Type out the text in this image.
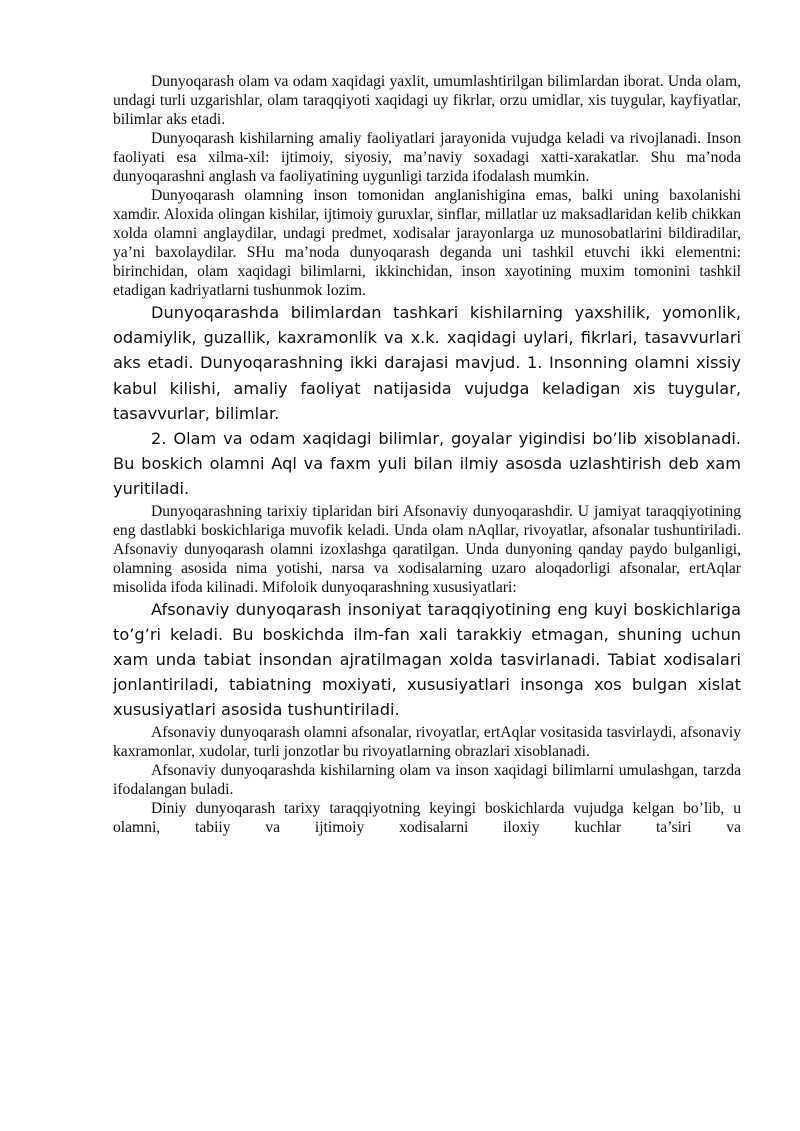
Dunyoqarash olam va odam xaqidagi yaxlit, umumlashtirilgan bilimlardan iborat. Unda olam, undagi turli uzgarishlar, olam taraqqiyoti xaqidagi uy fikrlar, orzu umidlar, xis tuygular, kayfiyatlar, bilimlar aks etadi.

Dunyoqarash kishilarning amaliy faoliyatlari jarayonida vujudga keladi va rivojlanadi. Inson faoliyati esa xilma-xil: ijtimoiy, siyosiy, ma’naviy soxadagi xatti-xarakatlar. Shu ma’noda dunyoqarashni anglash va faoliyatining uygunligi tarzida ifodalash mumkin.

Dunyoqarash olamning inson tomonidan anglanishigina emas, balki uning baxolanishi xamdir. Aloxida olingan kishilar, ijtimoiy guruxlar, sinflar, millatlar uz maksadlaridan kelib chikkan xolda olamni anglaydilar, undagi predmet, xodisalar jarayonlarga uz munosobatlarini bildiradilar, ya’ni baxolaydilar. SHu ma’noda dunyoqarash deganda uni tashkil etuvchi ikki elementni: birinchidan, olam xaqidagi bilimlarni, ikkinchidan, inson xayotining muxim tomonini tashkil etadigan kadriyatlarni tushunmok lozim.

Dunyoqarashda bilimlardan tashkari kishilarning yaxshilik, yomonlik, odamiylik, guzallik, kaxramonlik va x.k. xaqidagi uylari, fikrlari, tasavvurlari aks etadi. Dunyoqarashning ikki darajasi mavjud. 1. Insonning olamni xissiy kabul kilishi, amaliy faoliyat natijasida vujudga keladigan xis tuygular, tasavvurlar, bilimlar.

2. Olam va odam xaqidagi bilimlar, goyalar yigindisi bo’lib xisoblanadi. Bu boskich olamni Aql va faxm yuli bilan ilmiy asosda uzlashtirish deb xam yuritiladi.

Dunyoqarashning tarixiy tiplaridan biri Afsonaviy dunyoqarashdir. U jamiyat taraqqiyotining eng dastlabki boskichlariga muvofik keladi. Unda olam nAqllar, rivoyatlar, afsonalar tushuntiriladi. Afsonaviy dunyoqarash olamni izoxlashga qaratilgan. Unda dunyoning qanday paydo bulganligi, olamning asosida nima yotishi, narsa va xodisalarning uzaro aloqadorligi afsonalar, ertAqlar misolida ifoda kilinadi. Mifoloik dunyoqarashning xususiyatlari:

Afsonaviy dunyoqarash insoniyat taraqqiyotining eng kuyi boskichlariga to’g’ri keladi. Bu boskichda ilm-fan xali tarakkiy etmagan, shuning uchun xam unda tabiat insondan ajratilmagan xolda tasvirlanadi. Tabiat xodisalari jonlantiriladi, tabiatning moxiyati, xususiyatlari insonga xos bulgan xislat xususiyatlari asosida tushuntiriladi.

Afsonaviy dunyoqarash olamni afsonalar, rivoyatlar, ertAqlar vositasida tasvirlaydi, afsonaviy kaxramonlar, xudolar, turli jonzotlar bu rivoyatlarning obrazlari xisoblanadi.

Afsonaviy dunyoqarashda kishilarning olam va inson xaqidagi bilimlarni umulashgan, tarzda ifodalangan buladi.

Diniy dunyoqarash tarixy taraqqiyotning keyingi boskichlarda vujudga kelgan bo’lib, u olamni, tabiiy va ijtimoiy xodisalarni iloxiy kuchlar ta’siri va
